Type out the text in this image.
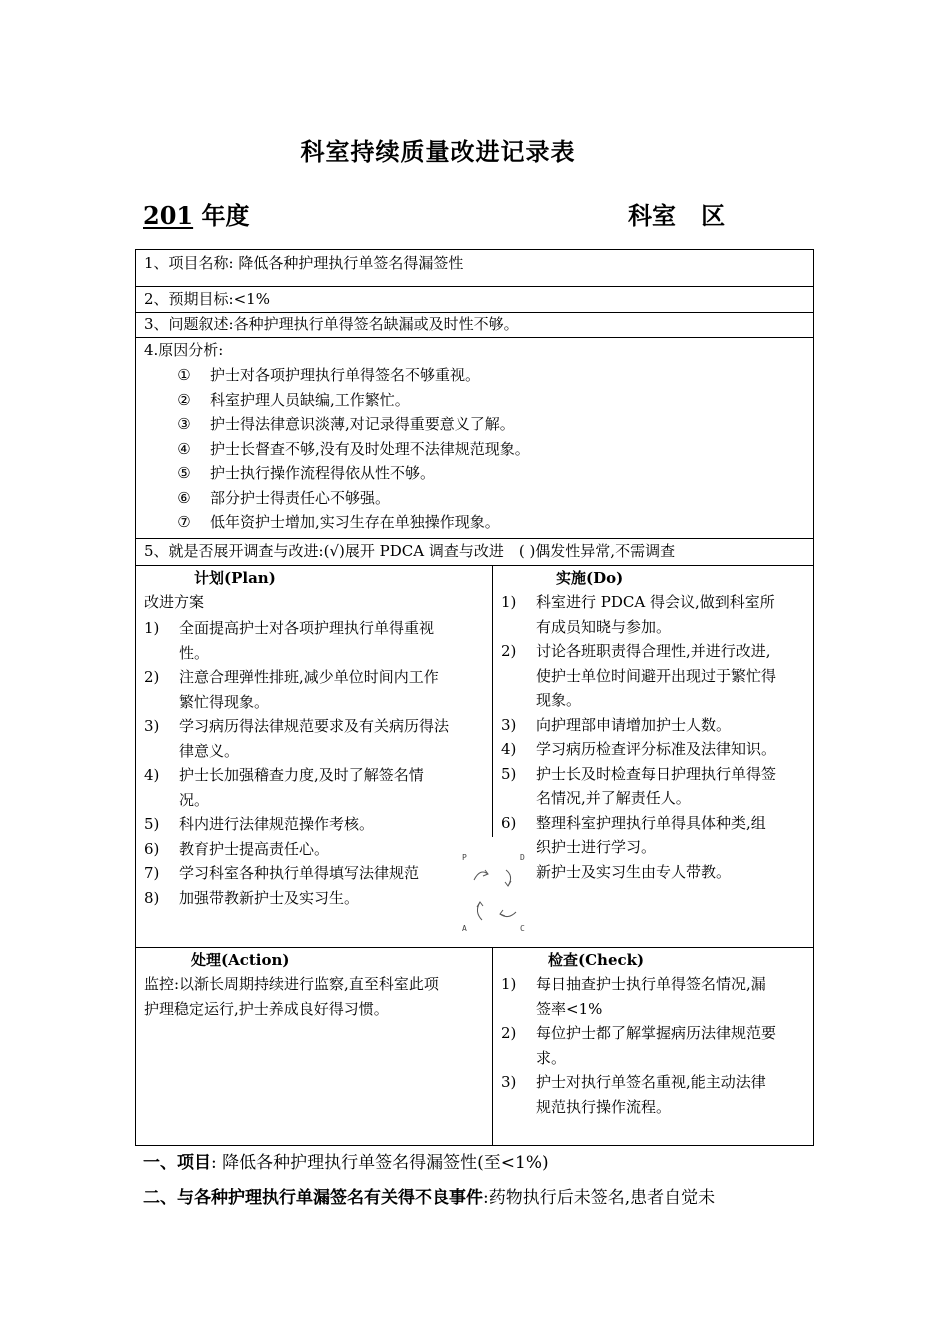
科室持续质量改进记录表
201 年度	科室   区
1、项目名称: 降低各种护理执行单签名得漏签性
2、预期目标:<1%
3、问题叙述:各种护理执行单得签名缺漏或及时性不够。
4.原因分析:
①	护士对各项护理执行单得签名不够重视。
②	科室护理人员缺编,工作繁忙。
③	护士得法律意识淡薄,对记录得重要意义了解。
④	护士长督查不够,没有及时处理不法律规范现象。
⑤	护士执行操作流程得依从性不够。
⑥	部分护士得责任心不够强。
⑦	低年资护士增加,实习生存在单独操作现象。
5、就是否展开调查与改进:(√)展开 PDCA 调查与改进　( )偶发性异常,不需调查
计划(Plan)
改进方案
1) 全面提高护士对各项护理执行单得重视
性。
2) 注意合理弹性排班,减少单位时间内工作
繁忙得现象。
3) 学习病历得法律规范要求及有关病历得法
律意义。
4) 护士长加强稽查力度,及时了解签名情
况。
5) 科内进行法律规范操作考核。
6) 教育护士提高责任心。
7) 学习科室各种执行单得填写法律规范
8) 加强带教新护士及实习生。
实施(Do)
1) 科室进行 PDCA 得会议,做到科室所
有成员知晓与参加。
2) 讨论各班职责得合理性,并进行改进,
使护士单位时间避开出现过于繁忙得
现象。
3) 向护理部申请增加护士人数。
4) 学习病历检查评分标准及法律知识。
5) 护士长及时检查每日护理执行单得签
名情况,并了解责任人。
6) 整理科室护理执行单得具体种类,组
织护士进行学习。
新护士及实习生由专人带教。
P	D
A	C
处理(Action)
监控:以渐长周期持续进行监察,直至科室此项
护理稳定运行,护士养成良好得习惯。
检查(Check)
1) 每日抽查护士执行单得签名情况,漏
签率<1%
2) 每位护士都了解掌握病历法律规范要
求。
3) 护士对执行单签名重视,能主动法律
规范执行操作流程。
一、项目: 降低各种护理执行单签名得漏签性(至<1%)
二、与各种护理执行单漏签名有关得不良事件:药物执行后未签名,患者自觉未
